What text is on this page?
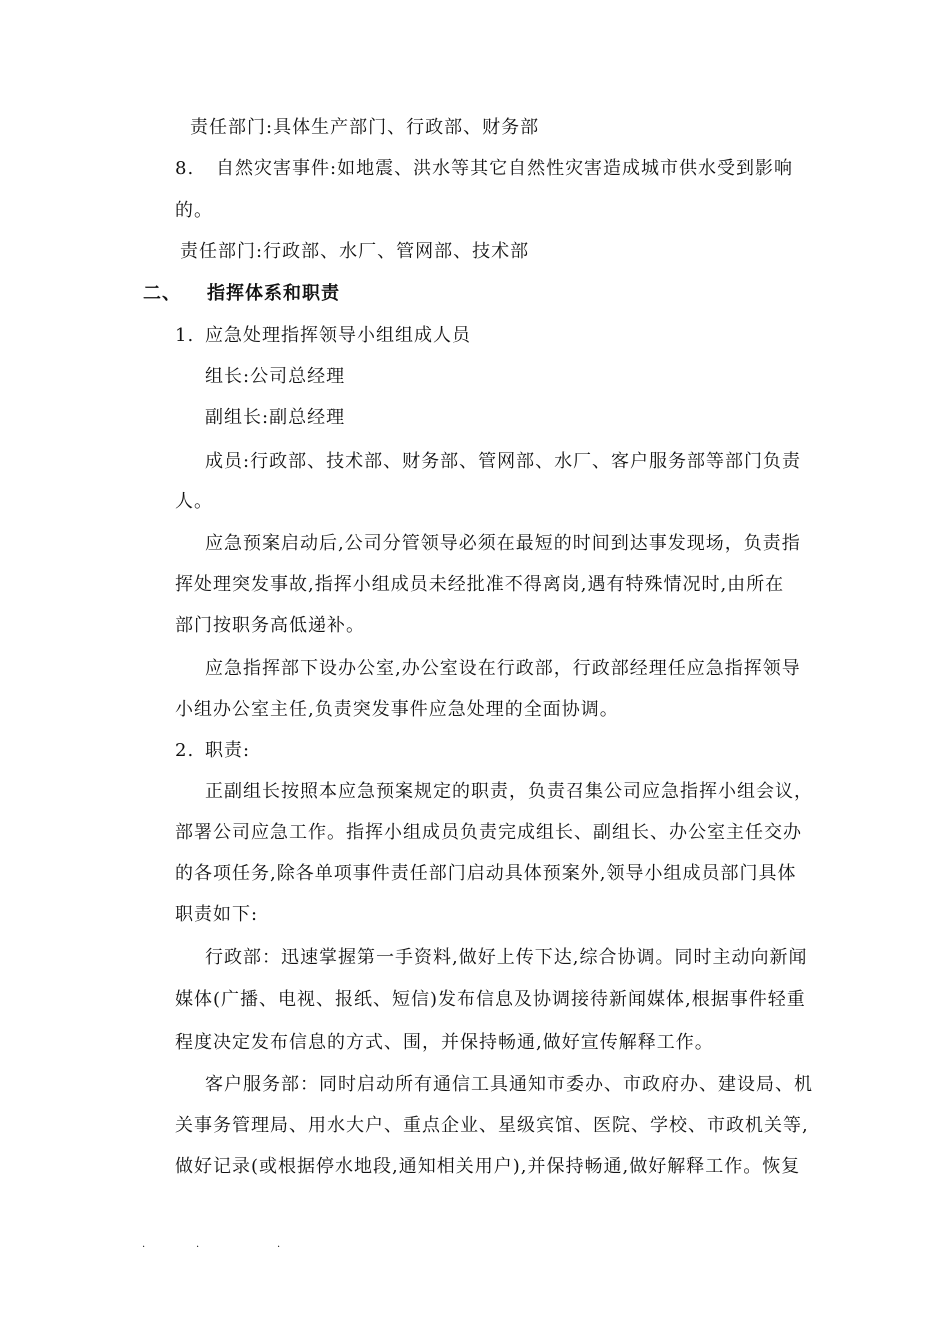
责任部门:具体生产部门、行政部、财务部
8. 自然灾害事件:如地震、洪水等其它自然性灾害造成城市供水受到影响
的。
责任部门:行政部、水厂、管网部、技术部
二、 指挥体系和职责
1. 应急处理指挥领导小组组成人员
组长:公司总经理
副组长:副总经理
成员:行政部、技术部、财务部、管网部、水厂、客户服务部等部门负责
人。
应急预案启动后,公司分管领导必须在最短的时间到达事发现场，负责指
挥处理突发事故,指挥小组成员未经批准不得离岗,遇有特殊情况时,由所在
部门按职务高低递补。
应急指挥部下设办公室,办公室设在行政部，行政部经理任应急指挥领导
小组办公室主任,负责突发事件应急处理的全面协调。
2. 职责:
正副组长按照本应急预案规定的职责，负责召集公司应急指挥小组会议，
部署公司应急工作。指挥小组成员负责完成组长、副组长、办公室主任交办
的各项任务,除各单项事件责任部门启动具体预案外,领导小组成员部门具体
职责如下:
行政部：迅速掌握第一手资料,做好上传下达,综合协调。同时主动向新闻
媒体(广播、电视、报纸、短信)发布信息及协调接待新闻媒体,根据事件轻重
程度决定发布信息的方式、围，并保持畅通,做好宣传解释工作。
客户服务部：同时启动所有通信工具通知市委办、市政府办、建设局、机
关事务管理局、用水大户、重点企业、星级宾馆、医院、学校、市政机关等,
做好记录(或根据停水地段,通知相关用户),并保持畅通,做好解释工作。恢复
.	.	.
